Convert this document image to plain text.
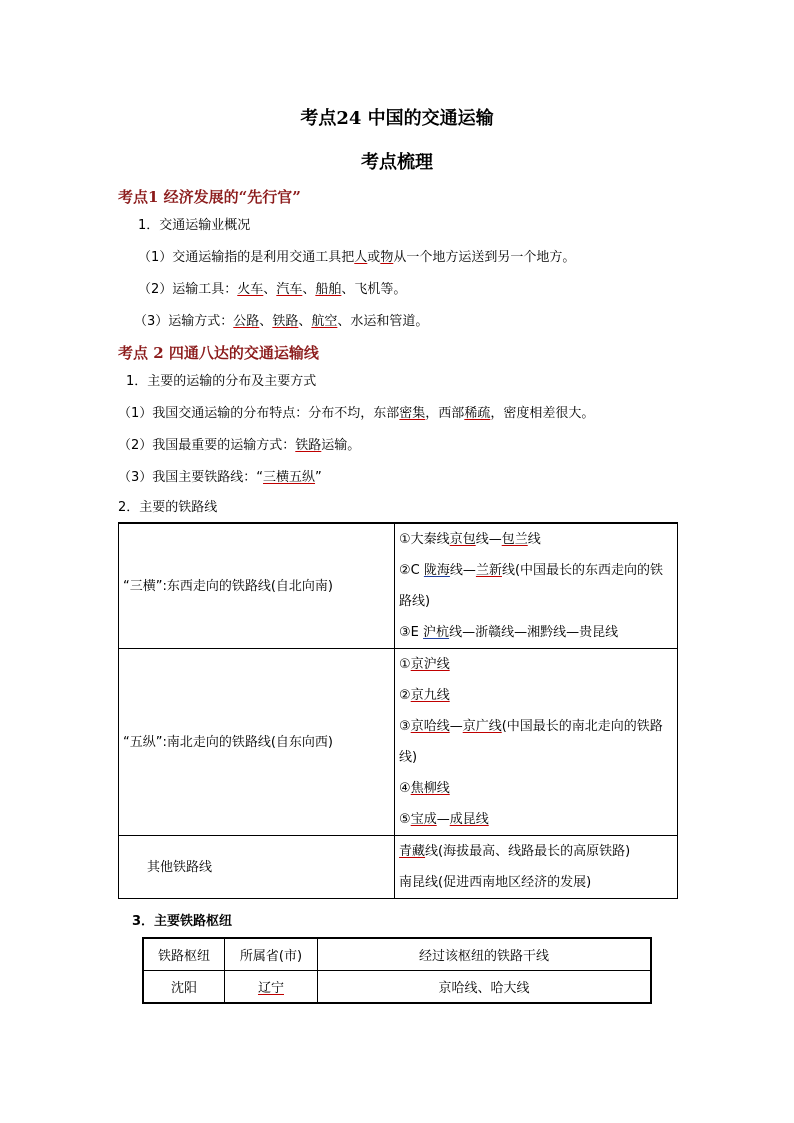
考点24 中国的交通运输
考点梳理
考点1 经济发展的“先行官”
1．交通运输业概况
（1）交通运输指的是利用交通工具把人或物从一个地方运送到另一个地方。
（2）运输工具：火车、汽车、船舶、飞机等。
（3）运输方式：公路、铁路、航空、水运和管道。
考点 2 四通八达的交通运输线
1．主要的运输的分布及主要方式
（1）我国交通运输的分布特点：分布不均，东部密集，西部稀疏，密度相差很大。
（2）我国最重要的运输方式：铁路运输。
（3）我国主要铁路线：“三横五纵”
2．主要的铁路线
“三横”:东西走向的铁路线(自北向南)	①大秦线京包线—包兰线
②C 陇海线—兰新线(中国最长的东西走向的铁路线)
③E 沪杭线—浙赣线—湘黔线—贵昆线

“五纵”:南北走向的铁路线(自东向西)	①京沪线
②京九线
③京哈线—京广线(中国最长的南北走向的铁路线)
④焦柳线
⑤宝成—成昆线

其他铁路线	青藏线(海拔最高、线路最长的高原铁路)
南昆线(促进西南地区经济的发展)
3．主要铁路枢纽
铁路枢纽	所属省(市)	经过该枢纽的铁路干线
沈阳	辽宁	京哈线、哈大线
